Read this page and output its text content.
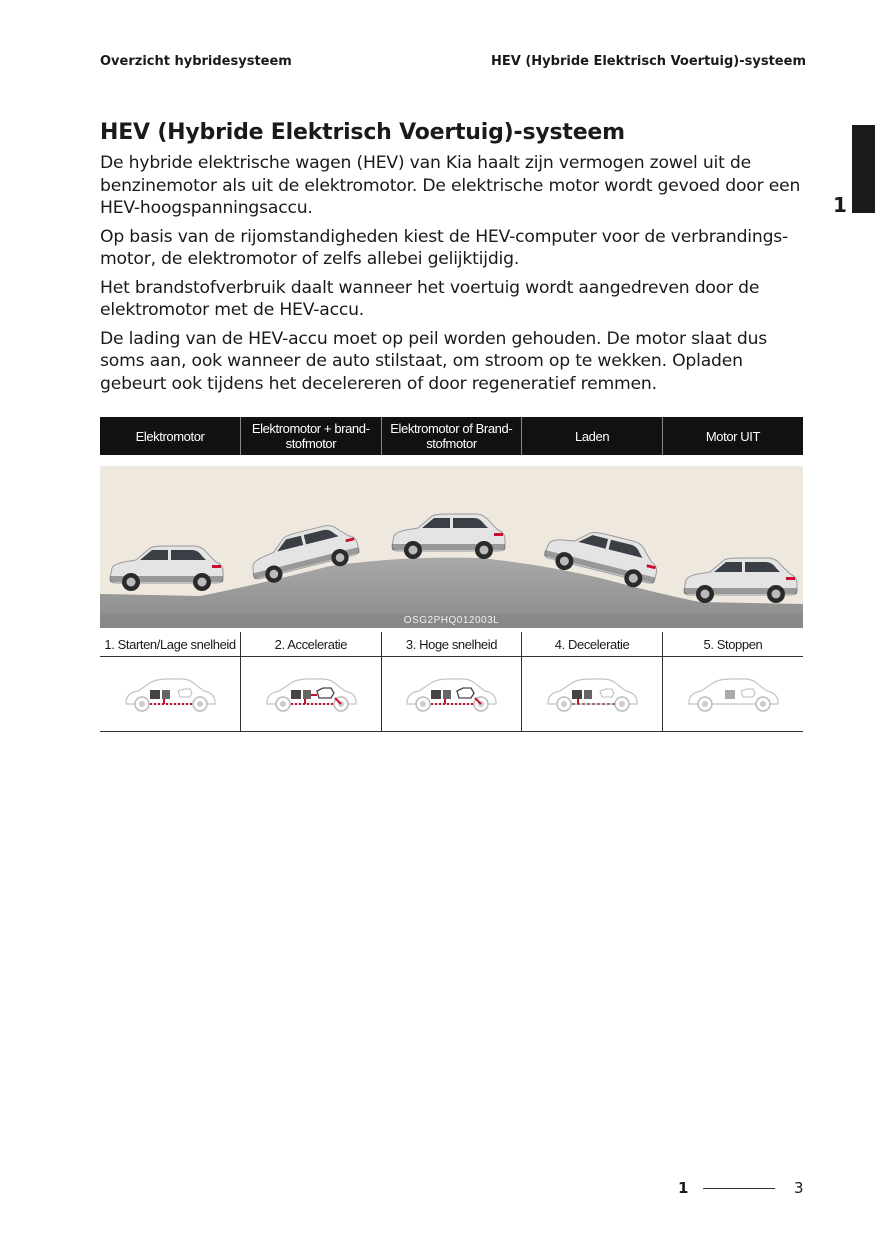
Overzicht hybridesysteem	HEV (Hybride Elektrisch Voertuig)-systeem
1
HEV (Hybride Elektrisch Voertuig)-systeem

De hybride elektrische wagen (HEV) van Kia haalt zijn vermogen zowel uit de benzinemotor als uit de elektromotor. De elektrische motor wordt gevoed door een HEV-hoogspanningsaccu.

Op basis van de rijomstandigheden kiest de HEV-computer voor de verbrandingsmotor, de elektromotor of zelfs allebei gelijktijdig.

Het brandstofverbruik daalt wanneer het voertuig wordt aangedreven door de elektromotor met de HEV-accu.

De lading van de HEV-accu moet op peil worden gehouden. De motor slaat dus soms aan, ook wanneer de auto stilstaat, om stroom op te wekken. Opladen gebeurt ook tijdens het decelereren of door regeneratief remmen.

Elektromotor	Elektromotor + brandstofmotor	Elektromotor of Brandstofmotor	Laden	Motor UIT
OSG2PHQ012003L
1. Starten/Lage snelheid	2. Acceleratie	3. Hoge snelheid	4. Deceleratie	5. Stoppen

1	3
